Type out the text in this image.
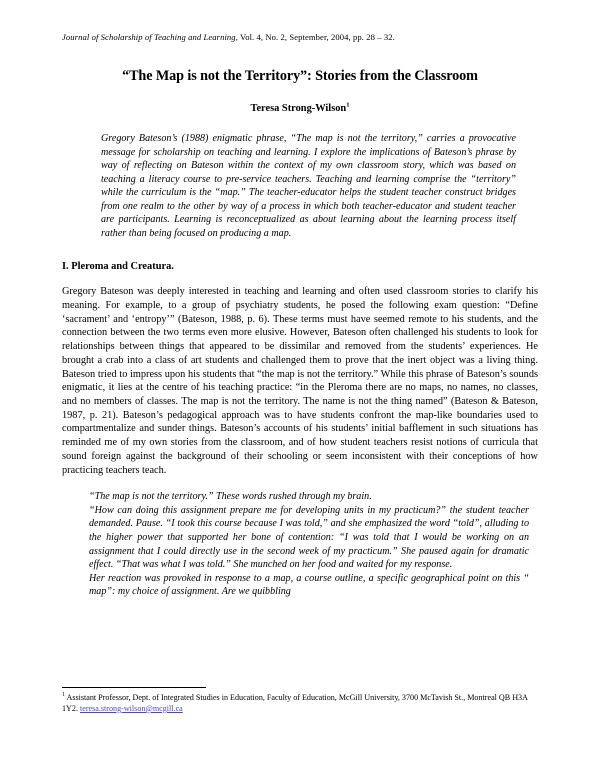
Journal of Scholarship of Teaching and Learning, Vol. 4, No. 2, September, 2004, pp. 28 – 32.
“The Map is not the Territory”: Stories from the Classroom
Teresa Strong-Wilson$^1$
Gregory Bateson’s (1988) enigmatic phrase, “The map is not the territory,” carries a provocative message for scholarship on teaching and learning. I explore the implications of Bateson’s phrase by way of reflecting on Bateson within the context of my own classroom story, which was based on teaching a literacy course to pre-service teachers. Teaching and learning comprise the “territory” while the curriculum is the “map.” The teacher-educator helps the student teacher construct bridges from one realm to the other by way of a process in which both teacher-educator and student teacher are participants. Learning is reconceptualized as about learning about the learning process itself rather than being focused on producing a map.
I. Pleroma and Creatura.

Gregory Bateson was deeply interested in teaching and learning and often used classroom stories to clarify his meaning. For example, to a group of psychiatry students, he posed the following exam question: “Define ‘sacrament’ and ‘entropy’” (Bateson, 1988, p. 6). These terms must have seemed remote to his students, and the connection between the two terms even more elusive. However, Bateson often challenged his students to look for relationships between things that appeared to be dissimilar and removed from the students’ experiences. He brought a crab into a class of art students and challenged them to prove that the inert object was a living thing. Bateson tried to impress upon his students that “the map is not the territory.” While this phrase of Bateson’s sounds enigmatic, it lies at the centre of his teaching practice: “in the Pleroma there are no maps, no names, no classes, and no members of classes. The map is not the territory. The name is not the thing named” (Bateson & Bateson, 1987, p. 21). Bateson’s pedagogical approach was to have students confront the map-like boundaries used to compartmentalize and sunder things. Bateson’s accounts of his students’ initial bafflement in such situations has reminded me of my own stories from the classroom, and of how student teachers resist notions of curricula that sound foreign against the background of their schooling or seem inconsistent with their conceptions of how practicing teachers teach.

“The map is not the territory.” These words rushed through my brain.

“How can doing this assignment prepare me for developing units in my practicum?” the student teacher demanded. Pause. “I took this course because I was told,” and she emphasized the word “told”, alluding to the higher power that supported her bone of contention: “I was told that I would be working on an assignment that I could directly use in the second week of my practicum.” She paused again for dramatic effect. “That was what I was told.” She munched on her food and waited for my response.

Her reaction was provoked in response to a map, a course outline, a specific geographical point on this “ map”: my choice of assignment. Are we quibbling

$^1$ Assistant Professor, Dept. of Integrated Studies in Education, Faculty of Education, McGill University, 3700 McTavish St., Montreal QB H3A 1Y2. teresa.strong-wilson@mcgill.ca
